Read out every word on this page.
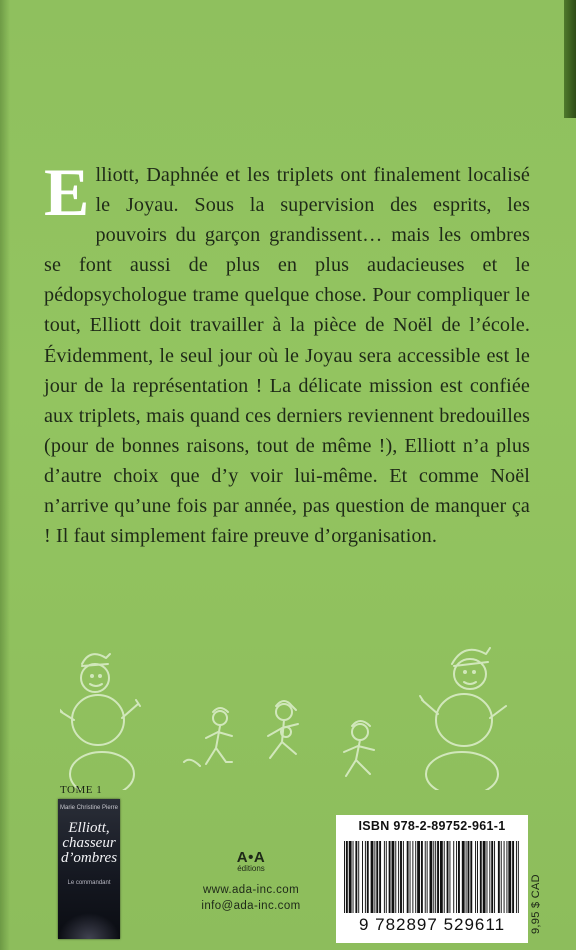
Elliott, Daphnée et les triplets ont finalement localisé le Joyau. Sous la supervision des esprits, les pouvoirs du garçon grandissent… mais les ombres se font aussi de plus en plus audacieuses et le pédopsychologue trame quelque chose. Pour compliquer le tout, Elliott doit travailler à la pièce de Noël de l’école. Évidemment, le seul jour où le Joyau sera accessible est le jour de la représentation ! La délicate mission est confiée aux triplets, mais quand ces derniers reviennent bredouilles (pour de bonnes raisons, tout de même !), Elliott n’a plus d’autre choix que d’y voir lui-même. Et comme Noël n’arrive qu’une fois par année, pas question de manquer ça ! Il faut simplement faire preuve d’organisation.
TOME 1
Marie Christine Pierre
Elliott,
chasseur
d’ombres
Le commandant
A•A
éditions
www.ada-inc.com
info@ada-inc.com
ISBN 978-2-89752-961-1
9 782897 529611	9,95 $ CAD
